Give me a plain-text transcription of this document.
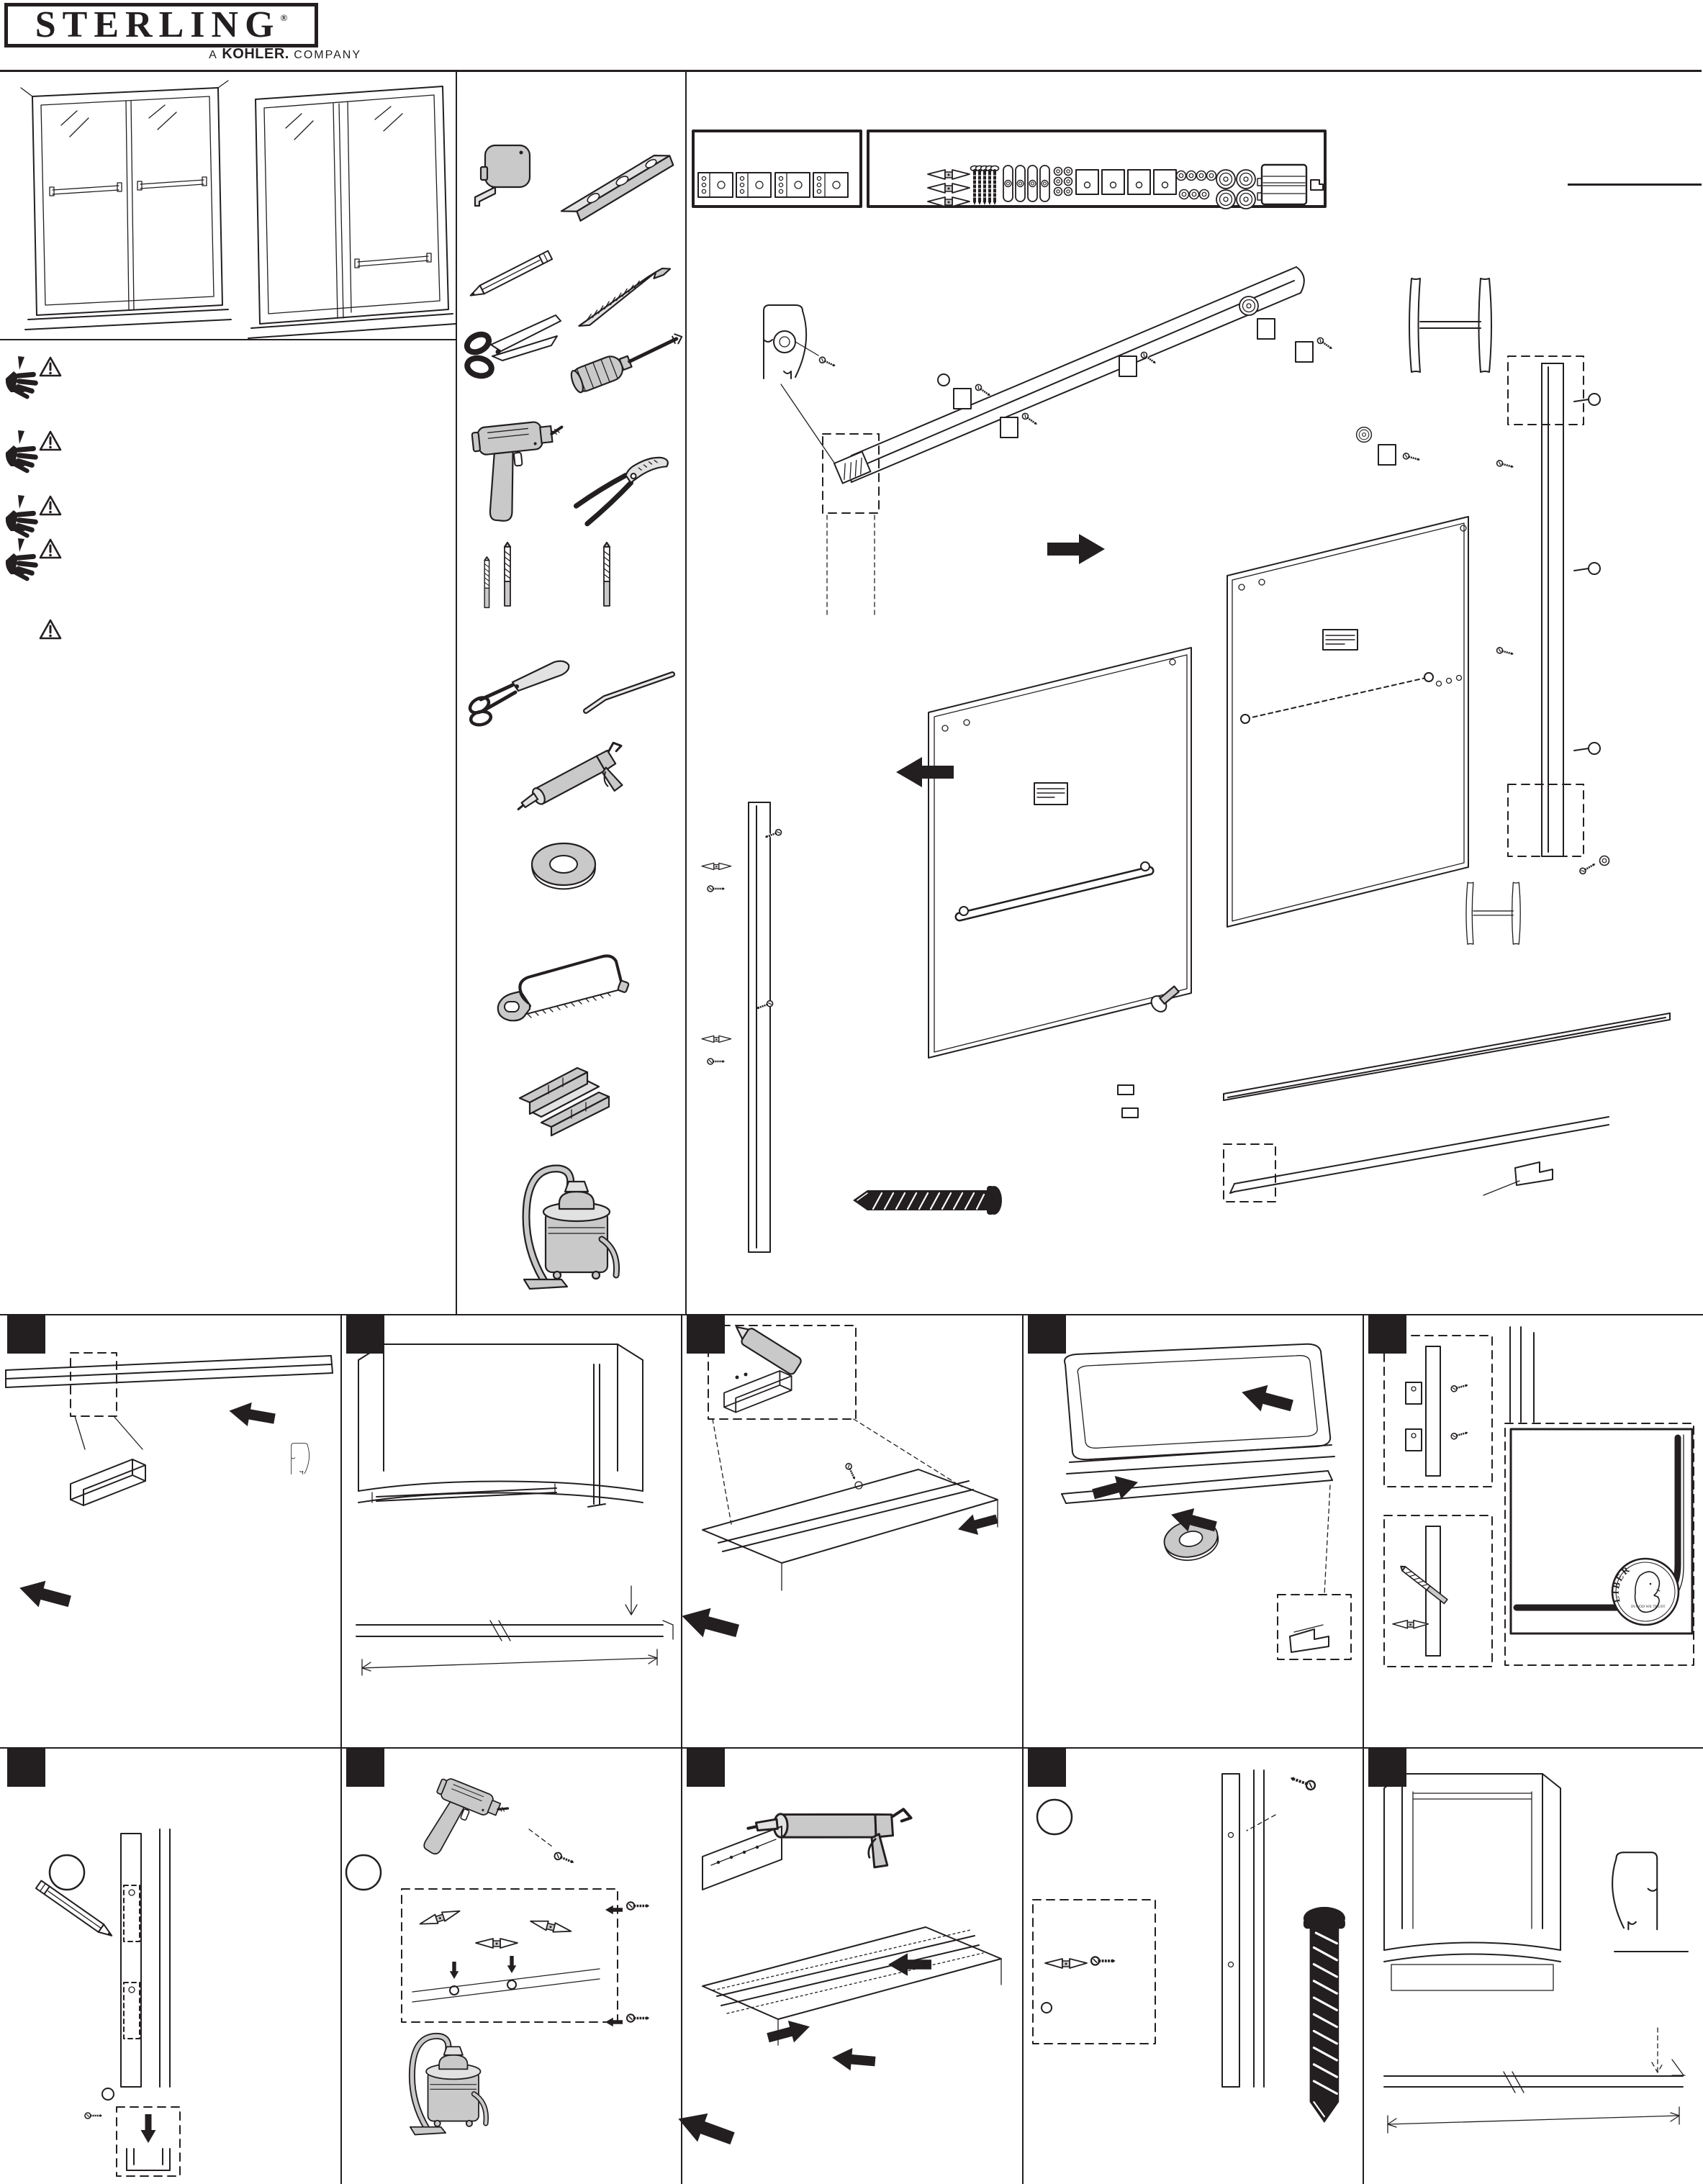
STERLING®
A KOHLER. COMPANY
LIBERTY
IN GOD WE TRUST
